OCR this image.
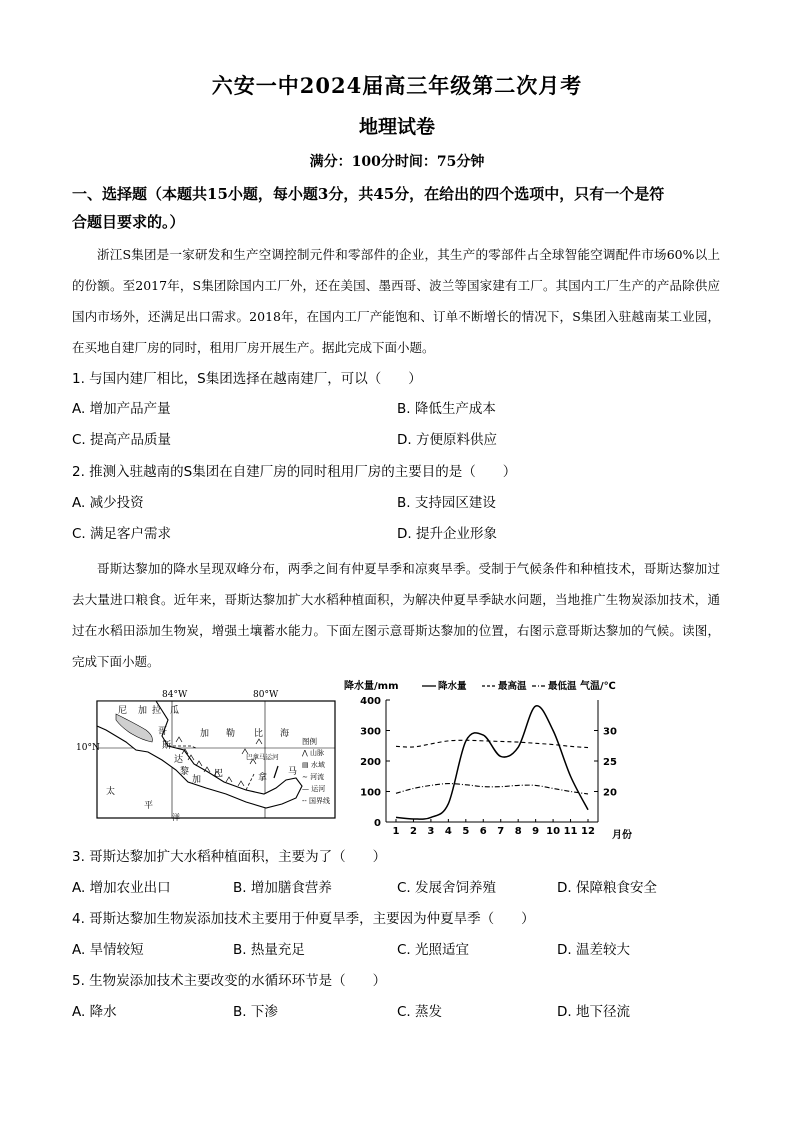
六安一中2024届高三年级第二次月考
地理试卷
满分：100分时间：75分钟
一、选择题（本题共15小题，每小题3分，共45分，在给出的四个选项中，只有一个是符
合题目要求的。）
浙江S集团是一家研发和生产空调控制元件和零部件的企业，其生产的零部件占全球智能空调配件市场60%以上的份额。至2017年，S集团除国内工厂外，还在美国、墨西哥、波兰等国家建有工厂。其国内工厂生产的产品除供应国内市场外，还满足出口需求。2018年，在国内工厂产能饱和、订单不断增长的情况下，S集团入驻越南某工业园，在买地自建厂房的同时，租用厂房开展生产。据此完成下面小题。
1. 与国内建厂相比，S集团选择在越南建厂，可以（　　）
A. 增加产品产量	B. 降低生产成本
C. 提高产品质量	D. 方便原料供应
2. 推测入驻越南的S集团在自建厂房的同时租用厂房的主要目的是（　　）
A. 减少投资	B. 支持园区建设
C. 满足客户需求	D. 提升企业形象
哥斯达黎加的降水呈现双峰分布，两季之间有仲夏旱季和凉爽旱季。受制于气候条件和种植技术，哥斯达黎加过去大量进口粮食。近年来，哥斯达黎加扩大水稻种植面积，为解决仲夏旱季缺水问题，当地推广生物炭添加技术，通过在水稻田添加生物炭，增强土壤蓄水能力。下面左图示意哥斯达黎加的位置，右图示意哥斯达黎加的气候。读图，完成下面小题。
84°W	80°W
10°N
尼 加 拉 瓜
加 勒 比 海
哥
斯
达
黎
加
巴	拿
马
太
平
洋
巴拿马运河
图例
⋀ 山脉
▤ 水域
∼ 河流
— 运河
‑‑ 国界线
降水量/mm	气温/℃
月份
降水量	最高温 最低温
0
100
200
300
400
20
25
30
1 2 3 4 5 6 7 8 9 10 11 12
3. 哥斯达黎加扩大水稻种植面积，主要为了（　　）
A. 增加农业出口	B. 增加膳食营养	C. 发展舍饲养殖	D. 保障粮食安全
4. 哥斯达黎加生物炭添加技术主要用于仲夏旱季，主要因为仲夏旱季（　　）
A. 旱情较短	B. 热量充足	C. 光照适宜	D. 温差较大
5. 生物炭添加技术主要改变的水循环环节是（　　）
A. 降水	B. 下渗	C. 蒸发	D. 地下径流
